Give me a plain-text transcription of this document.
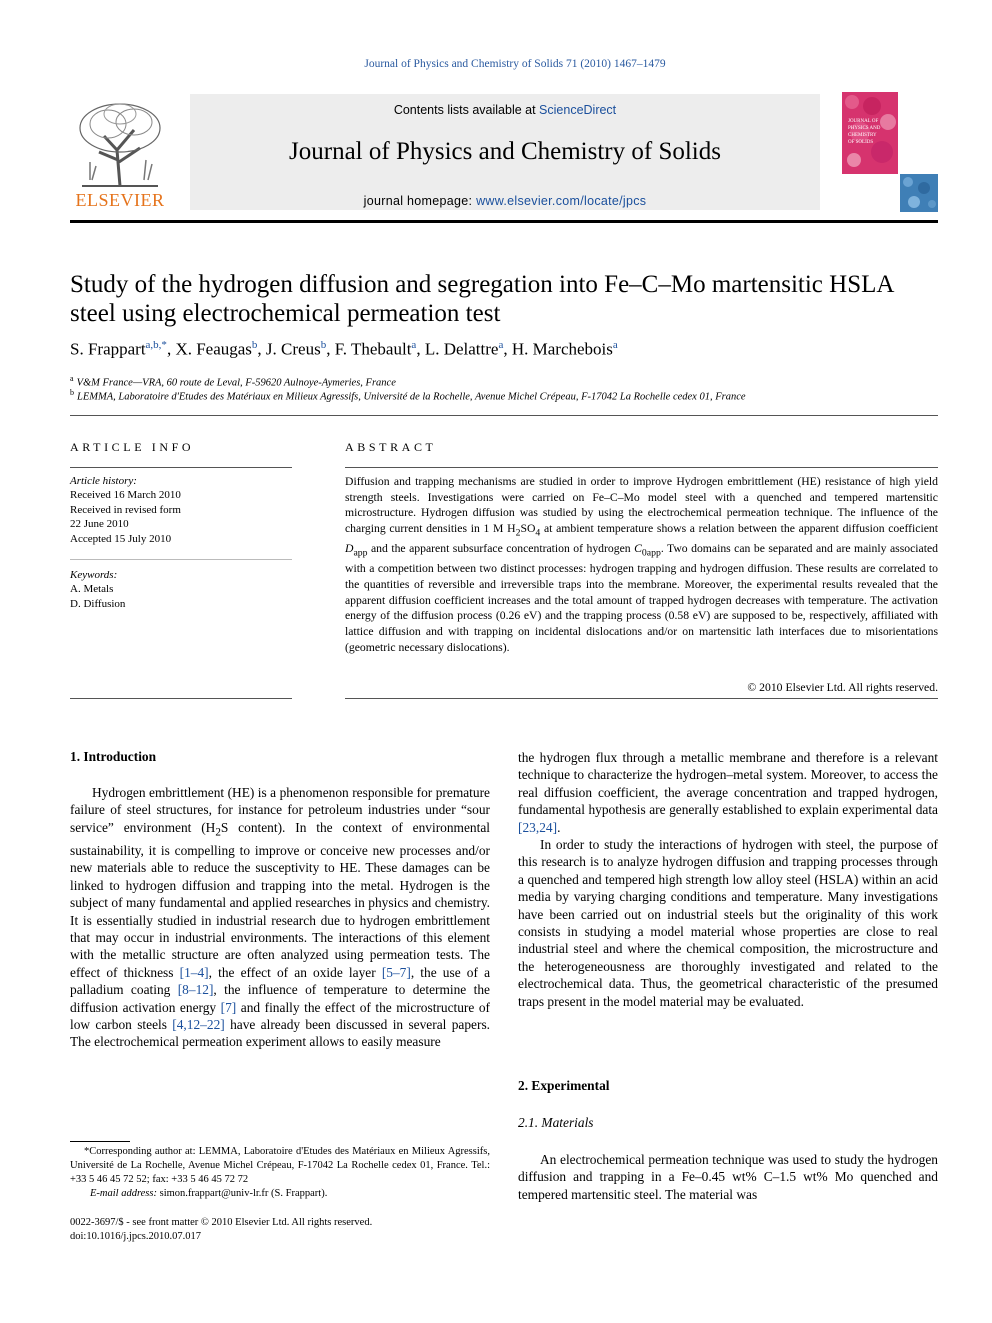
Journal of Physics and Chemistry of Solids 71 (2010) 1467–1479
ELSEVIER
Contents lists available at ScienceDirect
Journal of Physics and Chemistry of Solids
journal homepage: www.elsevier.com/locate/jpcs
JOURNAL OF
PHYSICS AND
CHEMISTRY
OF SOLIDS
Study of the hydrogen diffusion and segregation into Fe–C–Mo martensitic HSLA steel using electrochemical permeation test
S. Frappart$^{a,b,*}$, X. Feaugas$^b$, J. Creus$^b$, F. Thebault$^a$, L. Delattre$^a$, H. Marchebois$^a$
$^a$ V&M France—VRA, 60 route de Leval, F-59620 Aulnoye-Aymeries, France
$^b$ LEMMA, Laboratoire d'Etudes des Matériaux en Milieux Agressifs, Université de la Rochelle, Avenue Michel Crépeau, F-17042 La Rochelle cedex 01, France
ARTICLE INFO
Article history:
Received 16 March 2010
Received in revised form
22 June 2010
Accepted 15 July 2010
Keywords:
A. Metals
D. Diffusion
ABSTRACT
Diffusion and trapping mechanisms are studied in order to improve Hydrogen embrittlement (HE) resistance of high yield strength steels. Investigations were carried on Fe–C–Mo model steel with a quenched and tempered martensitic microstructure. Hydrogen diffusion was studied by using the electrochemical permeation technique. The influence of the charging current densities in 1 M $H_2SO_4$ at ambient temperature shows a relation between the apparent diffusion coefficient $D_{app}$ and the apparent subsurface concentration of hydrogen $C_{0app}$. Two domains can be separated and are mainly associated with a competition between two distinct processes: hydrogen trapping and hydrogen diffusion. These results are correlated to the quantities of reversible and irreversible traps into the membrane. Moreover, the experimental results revealed that the apparent diffusion coefficient increases and the total amount of trapped hydrogen decreases with temperature. The activation energy of the diffusion process (0.26 eV) and the trapping process (0.58 eV) are supposed to be, respectively, affiliated with lattice diffusion and with trapping on incidental dislocations and/or on martensitic lath interfaces due to misorientations (geometric necessary dislocations).
© 2010 Elsevier Ltd. All rights reserved.
1. Introduction

Hydrogen embrittlement (HE) is a phenomenon responsible for premature failure of steel structures, for instance for petroleum industries under “sour service” environment ($H_2S$ content). In the context of environmental sustainability, it is compelling to improve or conceive new processes and/or new materials able to reduce the susceptivity to HE. These damages can be linked to hydrogen diffusion and trapping into the metal. Hydrogen is the subject of many fundamental and applied researches in physics and chemistry. It is essentially studied in industrial research due to hydrogen embrittlement that may occur in industrial environments. The interactions of this element with the metallic structure are often analyzed using permeation tests. The effect of thickness [1–4], the effect of an oxide layer [5–7], the use of a palladium coating [8–12], the influence of temperature to determine the diffusion activation energy [7] and finally the effect of the microstructure of low carbon steels [4,12–22] have already been discussed in several papers. The electrochemical permeation experiment allows to easily measure

the hydrogen flux through a metallic membrane and therefore is a relevant technique to characterize the hydrogen–metal system. Moreover, to access the real diffusion coefficient, the average concentration and trapped hydrogen, fundamental hypothesis are generally established to explain experimental data [23,24].

In order to study the interactions of hydrogen with steel, the purpose of this research is to analyze hydrogen diffusion and trapping processes through a quenched and tempered high strength low alloy steel (HSLA) within an acid media by varying charging conditions and temperature. Many investigations have been carried out on industrial steels but the originality of this work consists in studying a model material whose properties are close to real industrial steel and where the chemical composition, the microstructure and the heterogeneousness are thoroughly investigated and related to the electrochemical data. Thus, the geometrical characteristic of the presumed traps present in the model material may be evaluated.

2. Experimental
2.1. Materials

An electrochemical permeation technique was used to study the hydrogen diffusion and trapping in a Fe–0.45 wt% C–1.5 wt% Mo quenched and tempered martensitic steel. The material was

*Corresponding author at: LEMMA, Laboratoire d'Etudes des Matériaux en Milieux Agressifs, Université de La Rochelle, Avenue Michel Crépeau, F-17042 La Rochelle cedex 01, France. Tel.: +33 5 46 45 72 52; fax: +33 5 46 45 72 72
E-mail address: simon.frappart@univ-lr.fr (S. Frappart).
0022-3697/$ - see front matter © 2010 Elsevier Ltd. All rights reserved.
doi:10.1016/j.jpcs.2010.07.017
